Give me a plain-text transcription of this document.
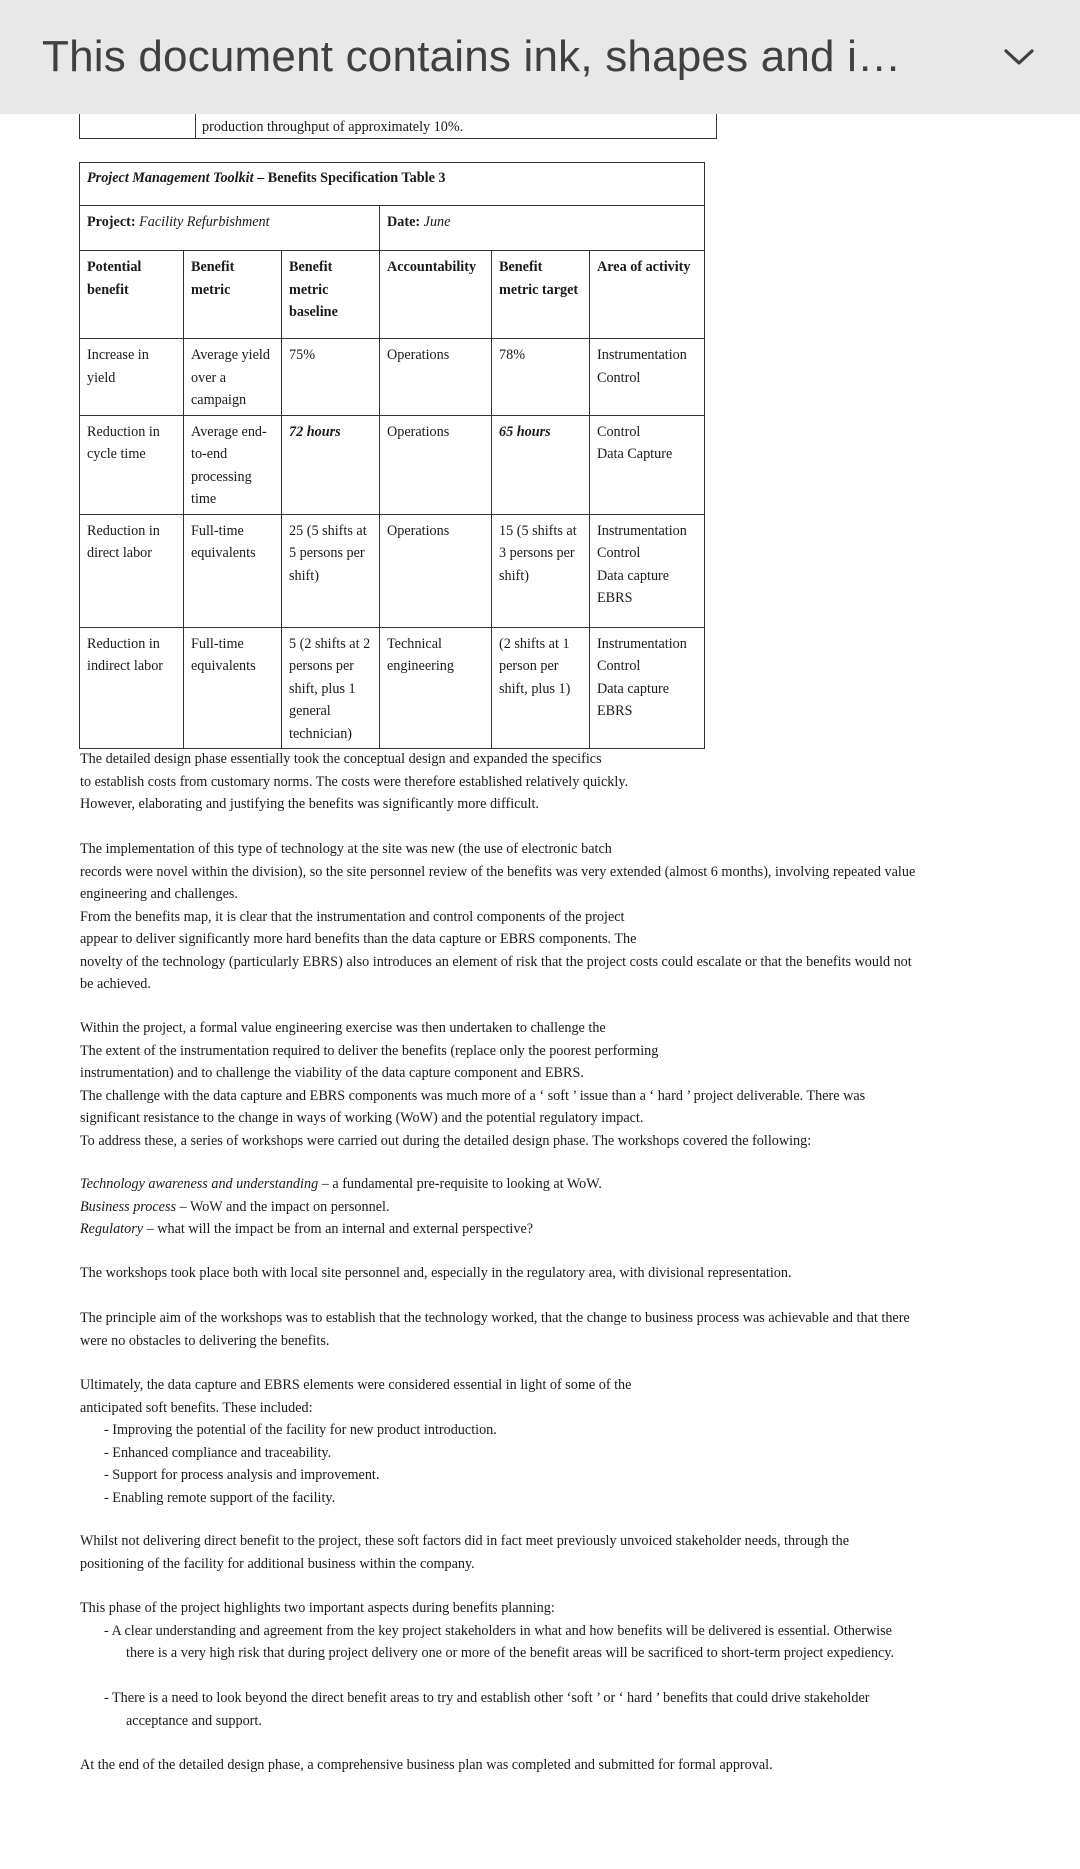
production throughput of approximately 10%.
Project Management Toolkit – Benefits Specification Table 3					
Project: Facility Refurbishment			Date: June		
Potential benefit	Benefit metric	Benefit metric baseline	Accountability	Benefit metric target	Area of activity
Increase in yield	Average yield over a campaign	75%	Operations	78%	Instrumentation
Control

Reduction in cycle time	Average end-to-end processing time	72 hours	Operations	65 hours	Control
Data Capture

Reduction in direct labor	Full-time equivalents	25 (5 shifts at 5 persons per shift)	Operations	15 (5 shifts at 3 persons per shift)	Instrumentation
Control
Data capture
EBRS

Reduction in indirect labor	Full-time equivalents	5 (2 shifts at 2 persons per shift, plus 1 general technician)	Technical engineering	(2 shifts at 1 person per shift, plus 1)	Instrumentation
Control
Data capture
EBRS

The detailed design phase essentially took the conceptual design and expanded the specifics

to establish costs from customary norms. The costs were therefore established relatively quickly.

However, elaborating and justifying the benefits was significantly more difficult.

The implementation of this type of technology at the site was new (the use of electronic batch

records were novel within the division), so the site personnel review of the benefits was very extended (almost 6 months), involving repeated value

engineering and challenges.

From the benefits map, it is clear that the instrumentation and control components of the project

appear to deliver significantly more hard benefits than the data capture or EBRS components. The

novelty of the technology (particularly EBRS) also introduces an element of risk that the project costs could escalate or that the benefits would not

be achieved.

Within the project, a formal value engineering exercise was then undertaken to challenge the

The extent of the instrumentation required to deliver the benefits (replace only the poorest performing

instrumentation) and to challenge the viability of the data capture component and EBRS.

The challenge with the data capture and EBRS components was much more of a ‘ soft ’ issue than a ‘ hard ’ project deliverable. There was

significant resistance to the change in ways of working (WoW) and the potential regulatory impact.

To address these, a series of workshops were carried out during the detailed design phase. The workshops covered the following:

Technology awareness and understanding – a fundamental pre-requisite to looking at WoW.

Business process – WoW and the impact on personnel.

Regulatory – what will the impact be from an internal and external perspective?

The workshops took place both with local site personnel and, especially in the regulatory area, with divisional representation.

The principle aim of the workshops was to establish that the technology worked, that the change to business process was achievable and that there

were no obstacles to delivering the benefits.

Ultimately, the data capture and EBRS elements were considered essential in light of some of the

anticipated soft benefits. These included:

- Improving the potential of the facility for new product introduction.

- Enhanced compliance and traceability.

- Support for process analysis and improvement.

- Enabling remote support of the facility.

Whilst not delivering direct benefit to the project, these soft factors did in fact meet previously unvoiced stakeholder needs, through the

positioning of the facility for additional business within the company.

This phase of the project highlights two important aspects during benefits planning:

- A clear understanding and agreement from the key project stakeholders in what and how benefits will be delivered is essential. Otherwise

there is a very high risk that during project delivery one or more of the benefit areas will be sacrificed to short-term project expediency.

- There is a need to look beyond the direct benefit areas to try and establish other ‘soft ’ or ‘ hard ’ benefits that could drive stakeholder

acceptance and support.

At the end of the detailed design phase, a comprehensive business plan was completed and submitted for formal approval.

This document contains ink, shapes and i…
